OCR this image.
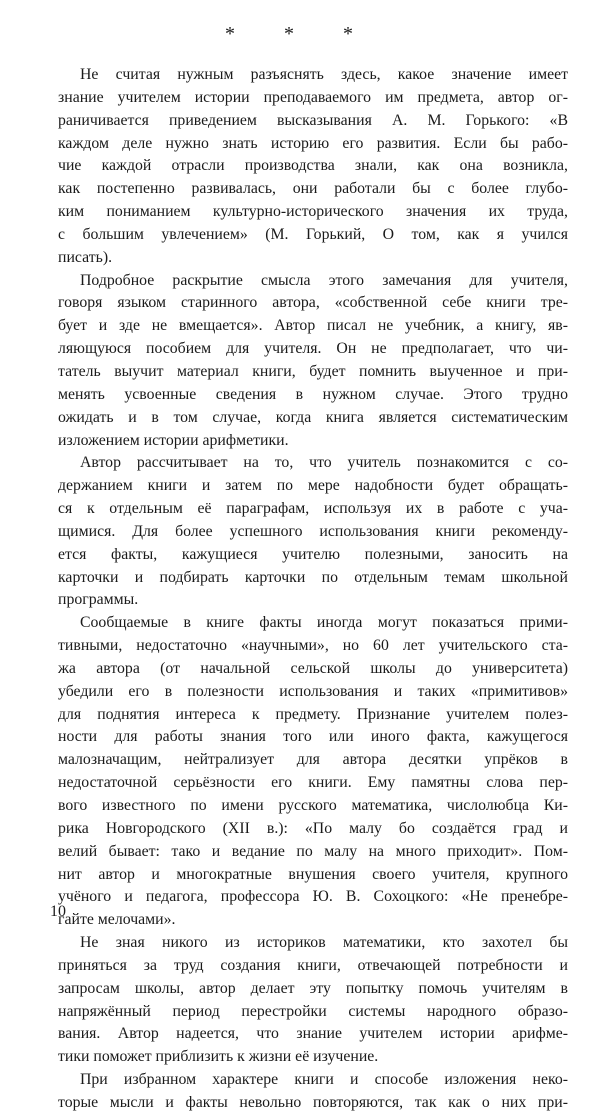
* * *
Не считая нужным разъяснять здесь, какое значение имеет
знание учителем истории преподаваемого им предмета, автор ог-
раничивается приведением высказывания А. М. Горького: «В
каждом деле нужно знать историю его развития. Если бы рабо-
чие каждой отрасли производства знали, как она возникла,
как постепенно развивалась, они работали бы с более глубо-
ким пониманием культурно-исторического значения их труда,
с большим увлечением» (М. Горький, О том, как я учился
писать).
Подробное раскрытие смысла этого замечания для учителя,
говоря языком старинного автора, «собственной себе книги тре-
бует и зде не вмещается». Автор писал не учебник, а книгу, яв-
ляющуюся пособием для учителя. Он не предполагает, что чи-
татель выучит материал книги, будет помнить выученное и при-
менять усвоенные сведения в нужном случае. Этого трудно
ожидать и в том случае, когда книга является систематическим
изложением истории арифметики.
Автор рассчитывает на то, что учитель познакомится с со-
держанием книги и затем по мере надобности будет обращать-
ся к отдельным её параграфам, используя их в работе с уча-
щимися. Для более успешного использования книги рекоменду-
ется факты, кажущиеся учителю полезными, заносить на
карточки и подбирать карточки по отдельным темам школьной
программы.
Сообщаемые в книге факты иногда могут показаться прими-
тивными, недостаточно «научными», но 60 лет учительского ста-
жа автора (от начальной сельской школы до университета)
убедили его в полезности использования и таких «примитивов»
для поднятия интереса к предмету. Признание учителем полез-
ности для работы знания того или иного факта, кажущегося
малозначащим, нейтрализует для автора десятки упрёков в
недостаточной серьёзности его книги. Ему памятны слова пер-
вого известного по имени русского математика, числолюбца Ки-
рика Новгородского (XII в.): «По малу бо создаётся град и
велий бывает: тако и ведание по малу на много приходит». Пом-
нит автор и многократные внушения своего учителя, крупного
учёного и педагога, профессора Ю. В. Сохоцкого: «Не пренебре-
гайте мелочами».
Не зная никого из историков математики, кто захотел бы
приняться за труд создания книги, отвечающей потребности и
запросам школы, автор делает эту попытку помочь учителям в
напряжённый период перестройки системы народного образо-
вания. Автор надеется, что знание учителем истории арифме-
тики поможет приблизить к жизни её изучение.
При избранном характере книги и способе изложения неко-
торые мысли и факты невольно повторяются, так как о них при-
10
